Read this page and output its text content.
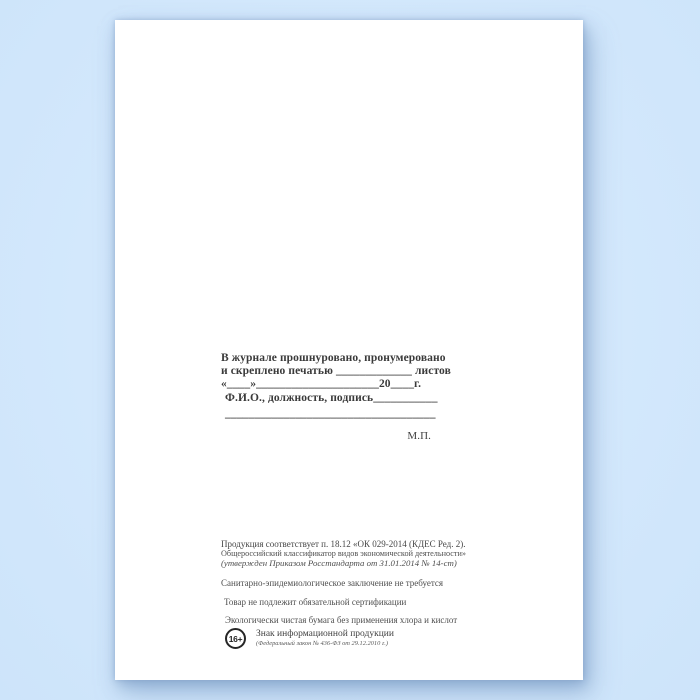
В журнале прошнуровано, пронумеровано
и скреплено печатью _____________ листов
«____»_____________________20____г.
Ф.И.О., должность, подпись___________
____________________________________
М.П.
Продукция соответствует п. 18.12 «ОК 029-2014 (КДЕС Ред. 2).
Общероссийский классификатор видов экономической деятельности»
(утвержден Приказом Росстандарта от 31.01.2014 № 14-ст)
Санитарно-эпидемиологическое заключение не требуется
Товар не подлежит обязательной сертификации
Экологически чистая бумага без применения хлора и кислот
16+	Знак информационной продукции
(Федеральный закон № 436-ФЗ от 29.12.2010 г.)
